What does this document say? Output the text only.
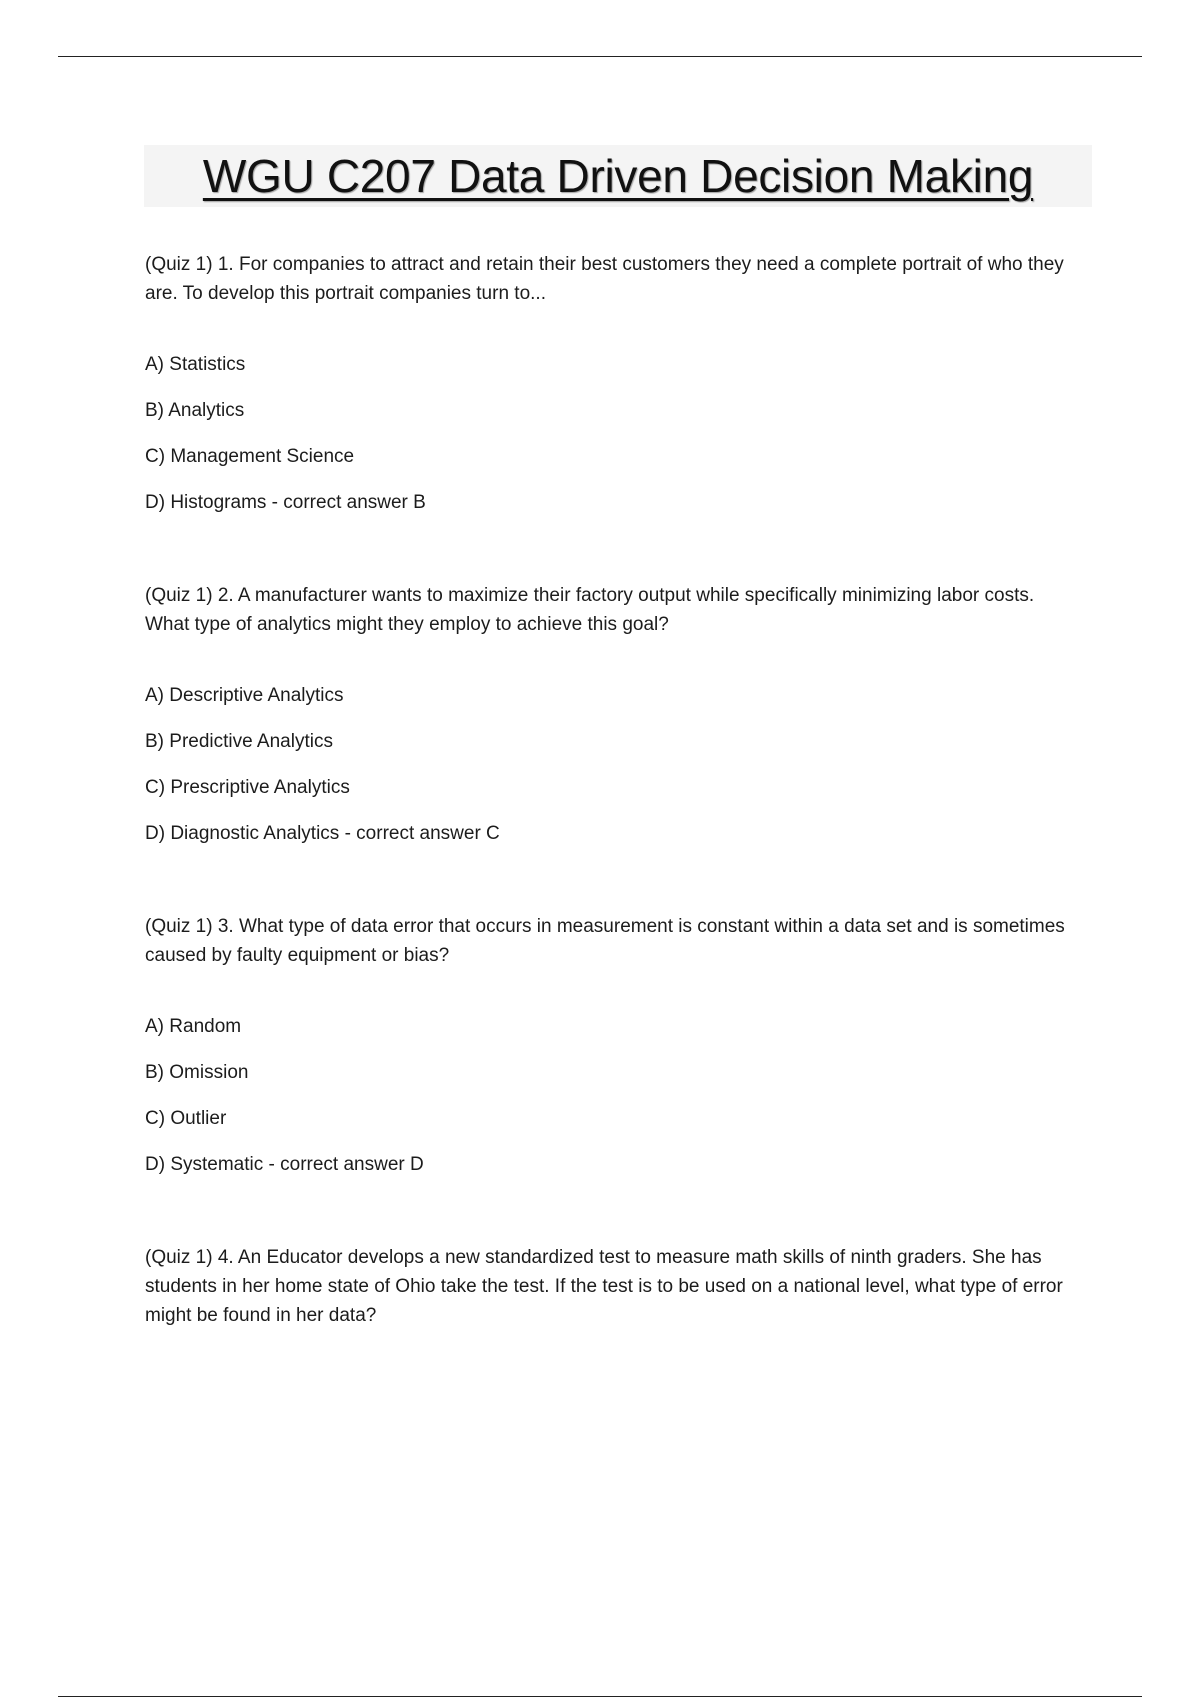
WGU C207 Data Driven Decision Making

(Quiz 1) 1. For companies to attract and retain their best customers they need a complete portrait of who they are. To develop this portrait companies turn to...

A) Statistics
B) Analytics
C) Management Science
D) Histograms - correct answer B

(Quiz 1) 2. A manufacturer wants to maximize their factory output while specifically minimizing labor costs. What type of analytics might they employ to achieve this goal?

A) Descriptive Analytics
B) Predictive Analytics
C) Prescriptive Analytics
D) Diagnostic Analytics - correct answer C

(Quiz 1) 3. What type of data error that occurs in measurement is constant within a data set and is sometimes caused by faulty equipment or bias?

A) Random
B) Omission
C) Outlier
D) Systematic - correct answer D

(Quiz 1) 4. An Educator develops a new standardized test to measure math skills of ninth graders. She has students in her home state of Ohio take the test. If the test is to be used on a national level, what type of error might be found in her data?
